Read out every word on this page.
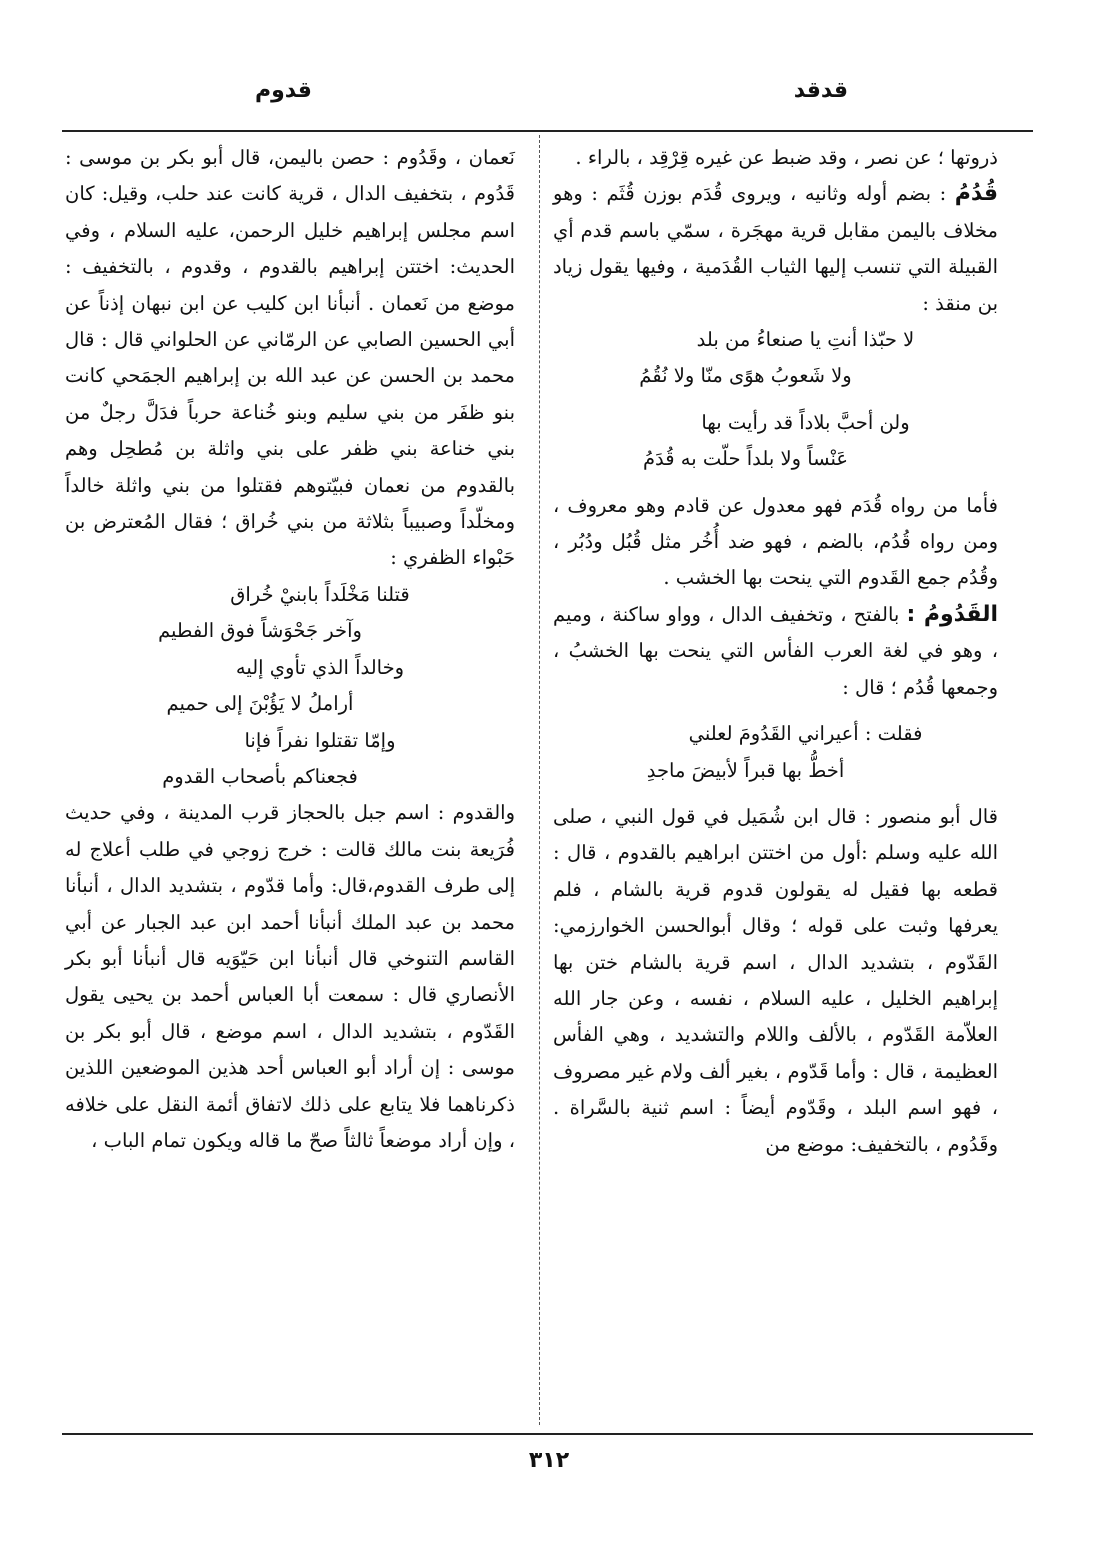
قدقد
قدوم

ذروتها ؛ عن نصر ، وقد ضبط عن غيره قِرْقِد ، بالراء .

قُدُمُ : بضم أوله وثانيه ، ويروى قُدَم بوزن قُثَم : وهو مخلاف باليمن مقابل قرية مهجَرة ، سمّي باسم قدم أي القبيلة التي تنسب إليها الثياب القُدَمية ، وفيها يقول زياد بن منقذ :

لا حبّذا أنتِ يا صنعاءُ من بلد

ولا شَعوبُ هوًى منّا ولا نُقُمُ

ولن أحبَّ بلاداً قد رأيت بها

عَنْساً ولا بلداً حلّت به قُدَمُ

فأما من رواه قُدَم فهو معدول عن قادم وهو معروف ، ومن رواه قُدُم، بالضم ، فهو ضد أُخُر مثل قُبُل ودُبُر ، وقُدُم جمع القَدوم التي ينحت بها الخشب .

القَدُومُ : بالفتح ، وتخفيف الدال ، وواو ساكنة ، وميم ، وهو في لغة العرب الفأس التي ينحت بها الخشبُ ، وجمعها قُدُم ؛ قال :

فقلت : أعيراني القَدُومَ لعلني

أخطُّ بها قبراً لأبيضَ ماجدِ

قال أبو منصور : قال ابن شُمَيل في قول النبي ، صلى الله عليه وسلم :أول من اختتن ابراهيم بالقدوم ، قال : قطعه بها فقيل له يقولون قدوم قرية بالشام ، فلم يعرفها وثبت على قوله ؛ وقال أبوالحسن الخوارزمي: القَدّوم ، بتشديد الدال ، اسم قرية بالشام ختن بها إبراهيم الخليل ، عليه السلام ، نفسه ، وعن جار الله العلاّمة القَدّوم ، بالألف واللام والتشديد ، وهي الفأس العظيمة ، قال : وأما قَدّوم ، بغير ألف ولام غير مصروف ، فهو اسم البلد ، وقَدّوم أيضاً : اسم ثنية بالسَّراة . وقَدُوم ، بالتخفيف: موضع من

نَعمان ، وقَدُوم : حصن باليمن، قال أبو بكر بن موسى : قَدُوم ، بتخفيف الدال ، قرية كانت عند حلب، وقيل: كان اسم مجلس إبراهيم خليل الرحمن، عليه السلام ، وفي الحديث: اختتن إبراهيم بالقدوم ، وقدوم ، بالتخفيف : موضع من نَعمان . أنبأنا ابن كليب عن ابن نبهان إذناً عن أبي الحسين الصابي عن الرمّاني عن الحلواني قال : قال محمد بن الحسن عن عبد الله بن إبراهيم الجمَحي كانت بنو ظفَر من بني سليم وبنو خُناعة حرباً فدَلَّ رجلٌ من بني خناعة بني ظفر على بني واثلة بن مُطحِل وهم بالقدوم من نعمان فبيّتوهم فقتلوا من بني واثلة خالداً ومخلّداً وصبيباً بثلاثة من بني خُراق ؛ فقال المُعترض بن حَبْواء الظفري :

قتلنا مَخْلَداً بابنيْ خُراق

وآخر جَحْوَشاً فوق الفطيم

وخالداً الذي تأوي إليه

أراملُ لا يَؤُبْنَ إلى حميم

وإمّا تقتلوا نفراً فإنا

فجعناكم بأصحاب القدوم

والقدوم : اسم جبل بالحجاز قرب المدينة ، وفي حديث فُرَيعة بنت مالك قالت : خرج زوجي في طلب أعلاج له إلى طرف القدوم،قال: وأما قدّوم ، بتشديد الدال ، أنبأنا محمد بن عبد الملك أنبأنا أحمد ابن عبد الجبار عن أبي القاسم التنوخي قال أنبأنا ابن حَيّوَيه قال أنبأنا أبو بكر الأنصاري قال : سمعت أبا العباس أحمد بن يحيى يقول القَدّوم ، بتشديد الدال ، اسم موضع ، قال أبو بكر بن موسى : إن أراد أبو العباس أحد هذين الموضعين اللذين ذكرناهما فلا يتابع على ذلك لاتفاق أئمة النقل على خلافه ، وإن أراد موضعاً ثالثاً صحّ ما قاله ويكون تمام الباب ،

٣١٢
